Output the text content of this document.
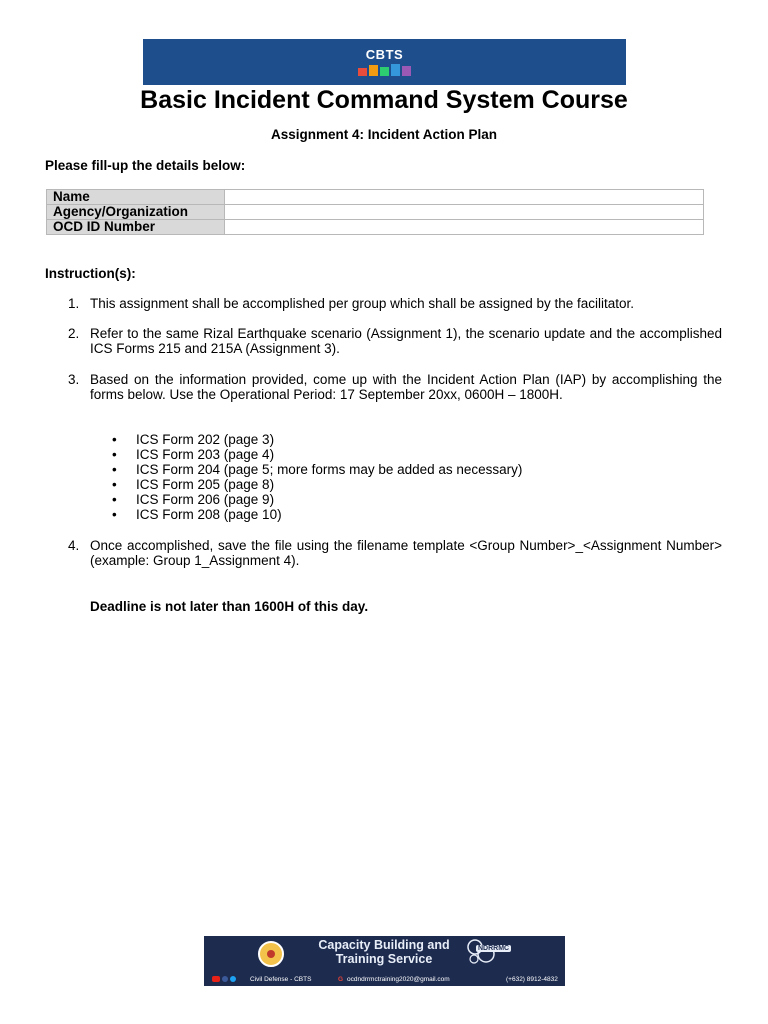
CBTS
Basic Incident Command System Course
Assignment 4: Incident Action Plan
Please fill-up the details below:
Name	
Agency/Organization	
OCD ID Number	
Instruction(s):
1. This assignment shall be accomplished per group which shall be assigned by the facilitator.
2. Refer to the same Rizal Earthquake scenario (Assignment 1), the scenario update and the accomplished ICS Forms 215 and 215A (Assignment 3).
3. Based on the information provided, come up with the Incident Action Plan (IAP) by accomplishing the forms below. Use the Operational Period: 17 September 20xx, 0600H – 1800H.
• ICS Form 202 (page 3)
• ICS Form 203 (page 4)
• ICS Form 204 (page 5; more forms may be added as necessary)
• ICS Form 205 (page 8)
• ICS Form 206 (page 9)
• ICS Form 208 (page 10)
4. Once accomplished, save the file using the filename template <Group Number>_<Assignment Number> (example: Group 1_Assignment 4).
Deadline is not later than 1600H of this day.
Capacity Building and
Training Service
NDRRMC

Civil Defense - CBTS	G ocdndrrmctraining2020@gmail.com	(+632) 8912-4832
